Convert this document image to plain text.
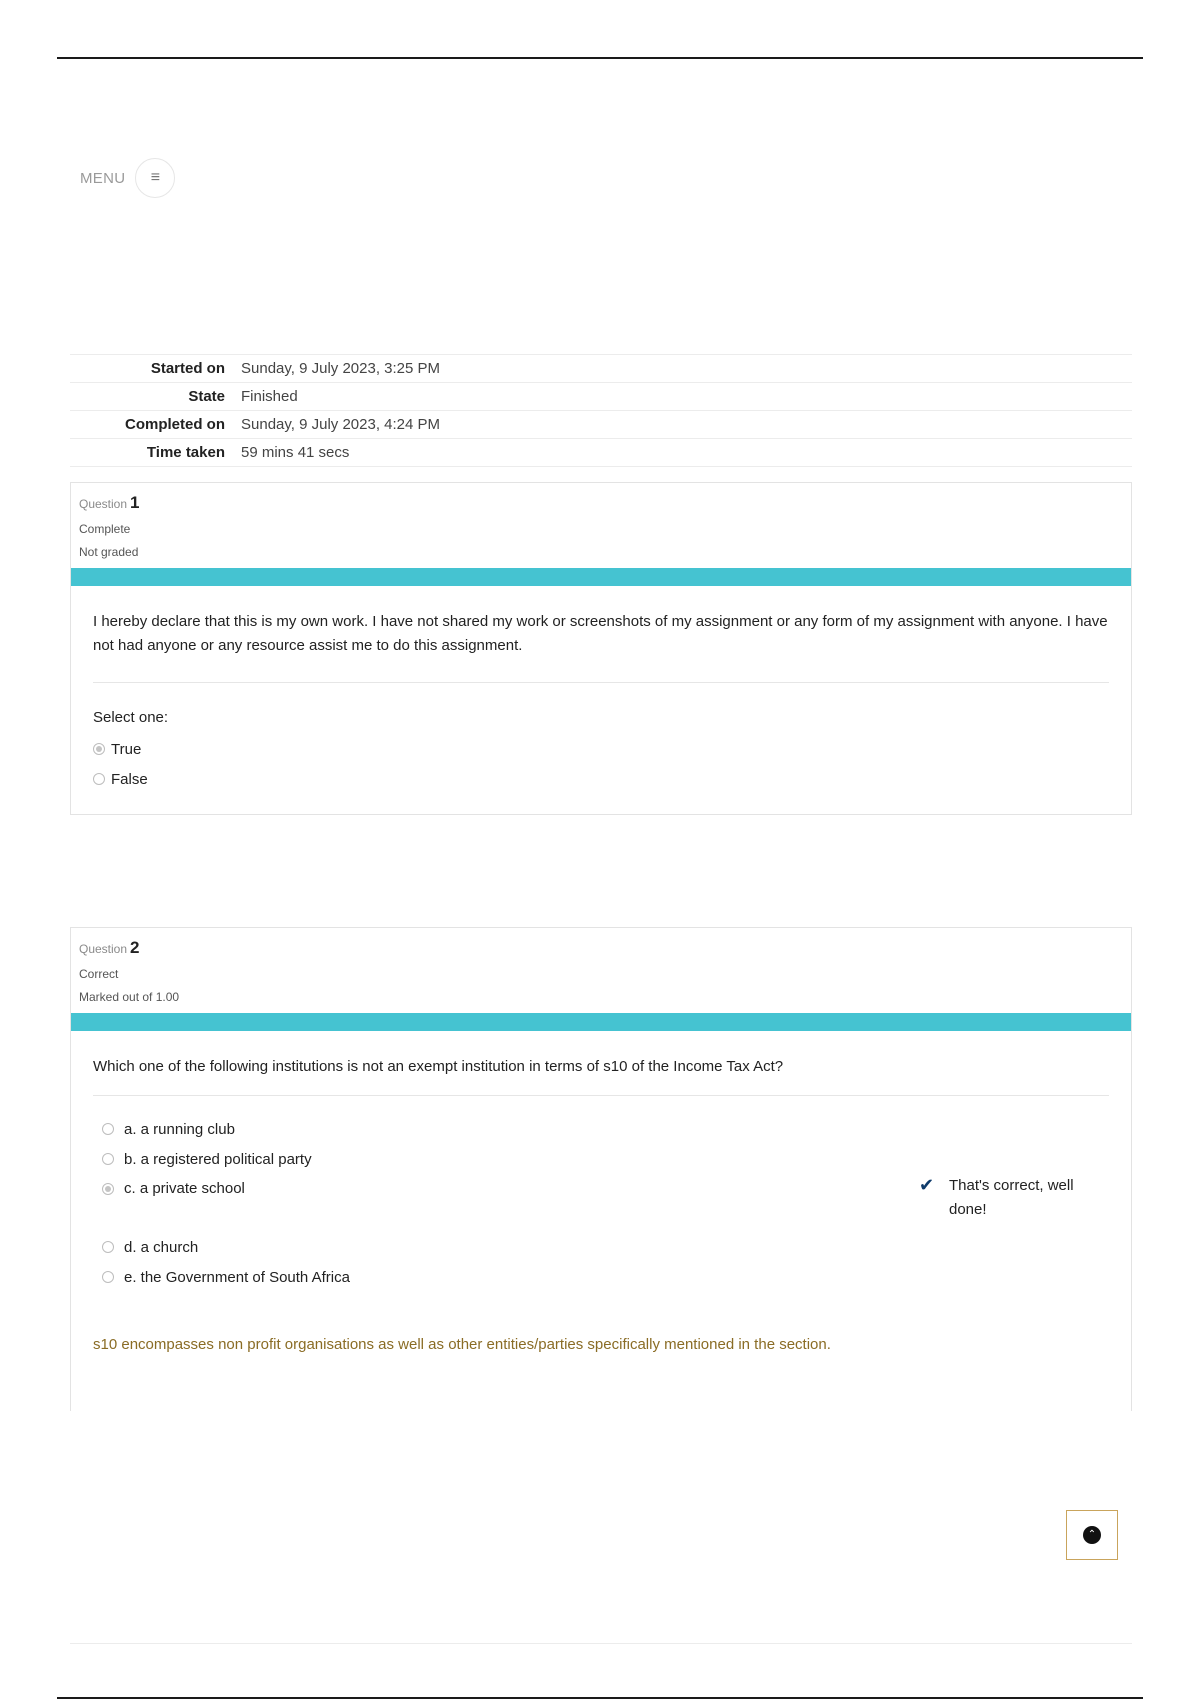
MENU ≡
Started on Sunday, 9 July 2023, 3:25 PM
State Finished
Completed on Sunday, 9 July 2023, 4:24 PM
Time taken 59 mins 41 secs
Question 1
Complete
Not graded
I hereby declare that this is my own work. I have not shared my work or screenshots of my assignment or any form of my assignment with anyone. I have not had anyone or any resource assist me to do this assignment.
Select one:
True
False
Question 2
Correct
Marked out of 1.00
Which one of the following institutions is not an exempt institution in terms of s10 of the Income Tax Act?
a. a running club
b. a registered political party
c. a private school
d. a church
e. the Government of South Africa
✔ That's correct, well done!
s10 encompasses non profit organisations as well as other entities/parties specifically mentioned in the section.
⌃
